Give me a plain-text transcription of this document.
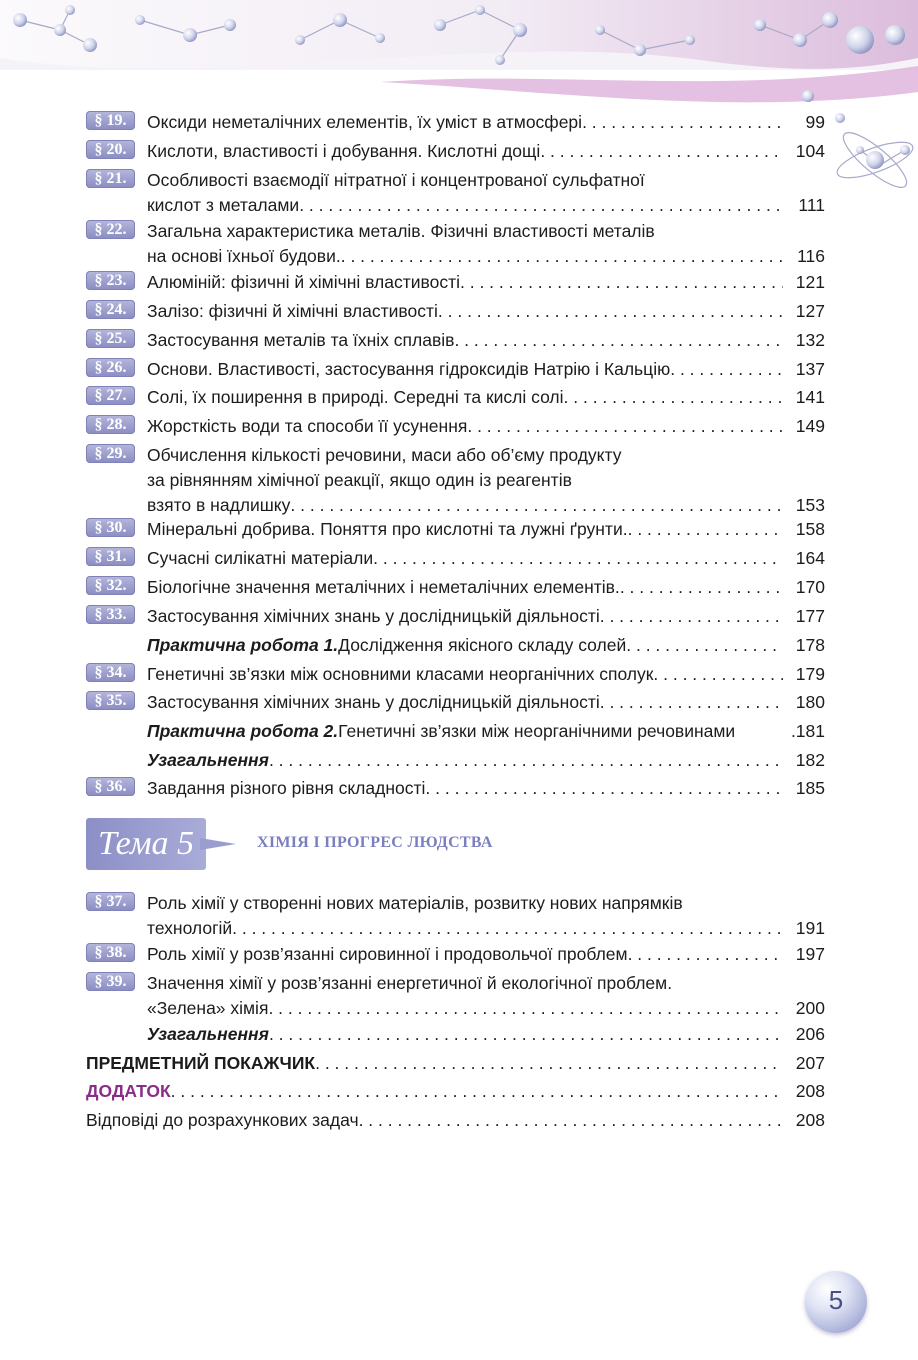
§ 19.	Оксиди неметалічних елементів, їх уміст в атмосфері . . .	99
§ 20.	Кислоти, властивості і добування. Кислотні дощі . . .	104
§ 21.	Особливості взаємодії нітратної і концентрованої сульфатної
кислот з металами . . .	111
§ 22.	Загальна характеристика металів. Фізичні властивості металів
на основі їхньої будови. . . .	116
§ 23.	Алюміній: фізичні й хімічні властивості . . .	121
§ 24.	Залізо: фізичні й хімічні властивості . . .	127
§ 25.	Застосування металів та їхніх сплавів . . .	132
§ 26.	Основи. Властивості, застосування гідроксидів Натрію і Кальцію . . .	137
§ 27.	Солі, їх поширення в природі. Середні та кислі солі . . .	141
§ 28.	Жорсткість води та способи її усунення . . .	149
§ 29.	Обчислення кількості речовини, маси або об’єму продукту
за рівнянням хімічної реакції, якщо один із реагентів
взято в надлишку . . .	153
§ 30.	Мінеральні добрива. Поняття про кислотні та лужні ґрунти. . . .	158
§ 31.	Сучасні силікатні матеріали . . .	164
§ 32.	Біологічне значення металічних і неметалічних елементів. . . .	170
§ 33.	Застосування хімічних знань у дослідницькій діяльності . . .	177
Практична робота 1. Дослідження якісного складу солей . . .	178
§ 34.	Генетичні зв’язки між основними класами неорганічних сполук . . .	179
§ 35.	Застосування хімічних знань у дослідницькій діяльності . . .	180
Практична робота 2. Генетичні зв’язки між неорганічними речовинами	.181
Узагальнення . . .	182
§ 36.	Завдання різного рівня складності . . .	185
§ 37.	Роль хімії у створенні нових матеріалів, розвитку нових напрямків
технологій . . .	191
§ 38.	Роль хімії у розв’язанні сировинної і продовольчої проблем . . .	197
§ 39.	Значення хімії у розв’язанні енергетичної й екологічної проблем.
«Зелена» хімія . . .	200
Узагальнення . . .	206
ПРЕДМЕТНИЙ ПОКАЖЧИК . . .	207
ДОДАТОК . . .	208
Відповіді до розрахункових задач . . .	208
Тема 5	ХІМІЯ І ПРОГРЕС ЛЮДСТВА
5
